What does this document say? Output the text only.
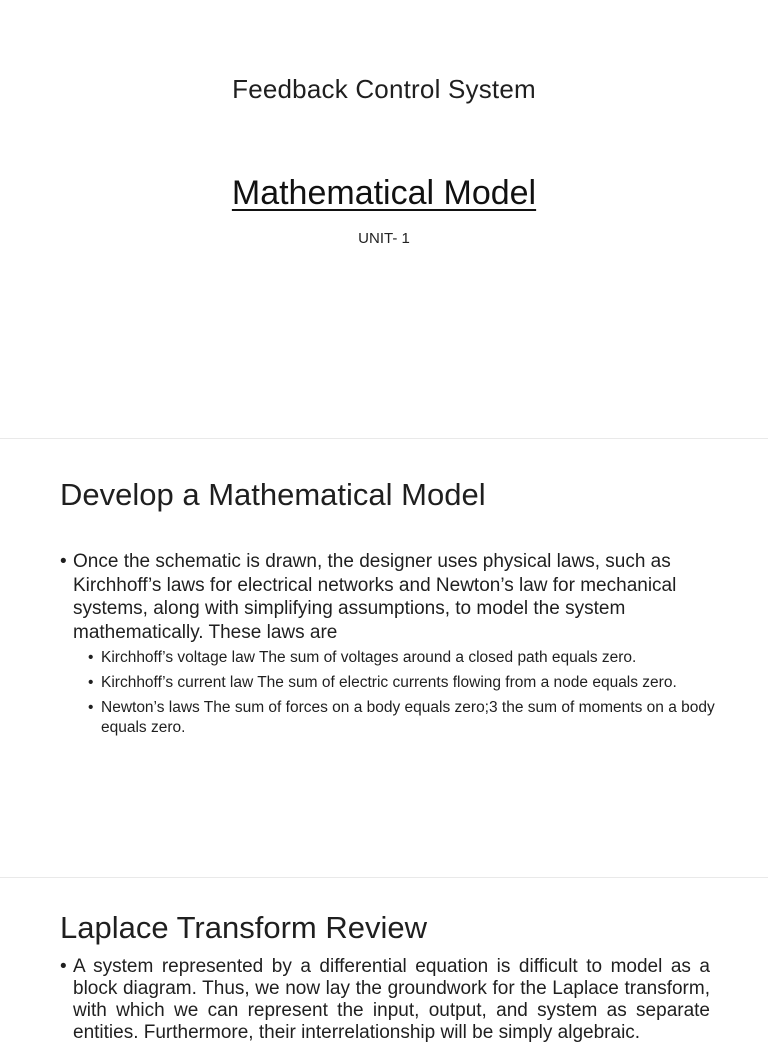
Feedback Control System
Mathematical Model
UNIT- 1
Develop a Mathematical Model

• Once the schematic is drawn, the designer uses physical laws, such as Kirchhoff’s laws for electrical networks and Newton’s law for mechanical systems, along with simplifying assumptions, to model the system mathematically. These laws are

• Kirchhoff’s voltage law The sum of voltages around a closed path equals zero.

• Kirchhoff’s current law The sum of electric currents flowing from a node equals zero.

• Newton’s laws The sum of forces on a body equals zero;3 the sum of moments on a body equals zero.

Laplace Transform Review

• A system represented by a differential equation is difficult to model as a block diagram. Thus, we now lay the groundwork for the Laplace transform, with which we can represent the input, output, and system as separate entities. Furthermore, their interrelationship will be simply algebraic.
